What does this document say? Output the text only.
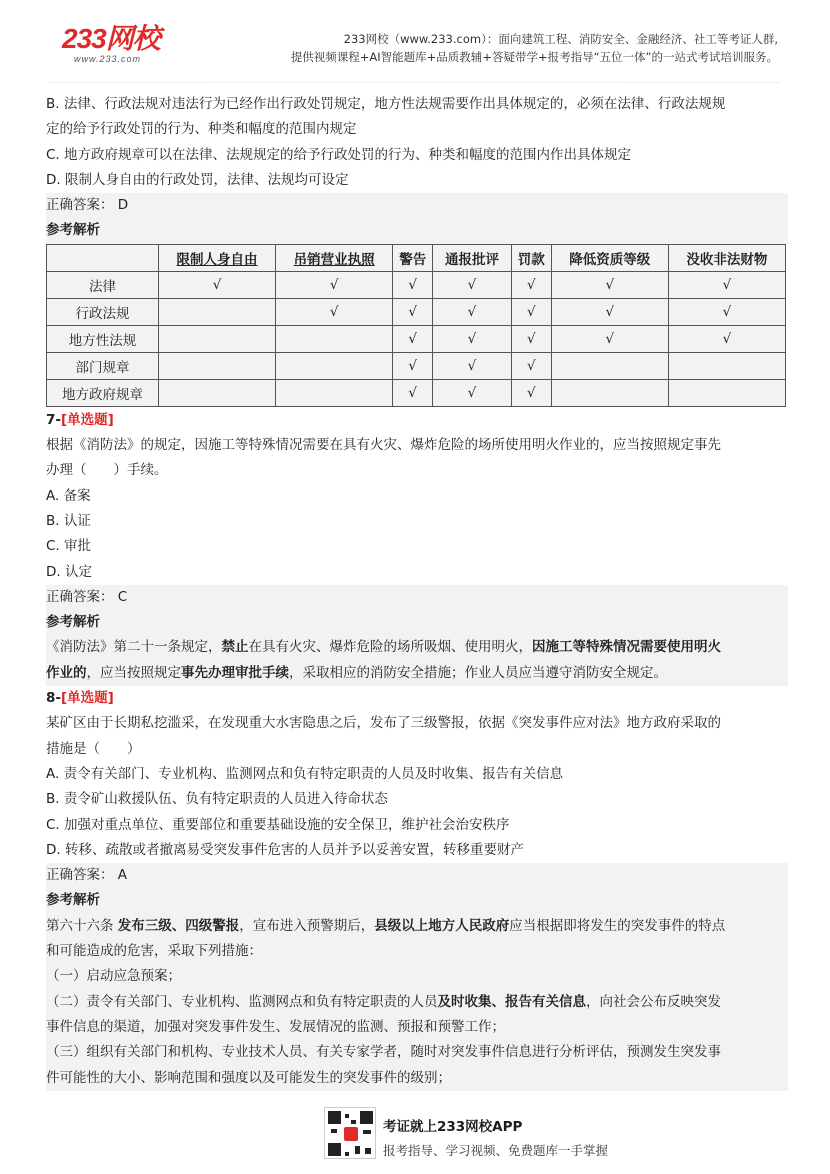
233网校
www.233.com
233网校（www.233.com）：面向建筑工程、消防安全、金融经济、社工等考证人群,
提供视频课程+AI智能题库+品质教辅+答疑带学+报考指导“五位一体”的一站式考试培训服务。
B. 法律、行政法规对违法行为已经作出行政处罚规定，地方性法规需要作出具体规定的，必须在法律、行政法规规
定的给予行政处罚的行为、种类和幅度的范围内规定
C. 地方政府规章可以在法律、法规规定的给予行政处罚的行为、种类和幅度的范围内作出具体规定
D. 限制人身自由的行政处罚，法律、法规均可设定
正确答案： D
参考解析
	限制人身自由	吊销营业执照	警告	通报批评	罚款	降低资质等级	没收非法财物
法律	√	√	√	√	√	√	√
行政法规		√	√	√	√	√	√
地方性法规			√	√	√	√	√
部门规章			√	√	√		
地方政府规章			√	√	√		
7-[单选题]
根据《消防法》的规定，因施工等特殊情况需要在具有火灾、爆炸危险的场所使用明火作业的，应当按照规定事先
办理（　　）手续。
A. 备案
B. 认证
C. 审批
D. 认定
正确答案： C
参考解析
《消防法》第二十一条规定，禁止在具有火灾、爆炸危险的场所吸烟、使用明火，因施工等特殊情况需要使用明火
作业的，应当按照规定事先办理审批手续，采取相应的消防安全措施；作业人员应当遵守消防安全规定。
8-[单选题]
某矿区由于长期私挖滥采，在发现重大水害隐患之后，发布了三级警报，依据《突发事件应对法》地方政府采取的
措施是（　　）
A. 责令有关部门、专业机构、监测网点和负有特定职责的人员及时收集、报告有关信息
B. 责令矿山救援队伍、负有特定职责的人员进入待命状态
C. 加强对重点单位、重要部位和重要基础设施的安全保卫，维护社会治安秩序
D. 转移、疏散或者撤离易受突发事件危害的人员并予以妥善安置，转移重要财产
正确答案： A
参考解析
第六十六条 发布三级、四级警报，宣布进入预警期后，县级以上地方人民政府应当根据即将发生的突发事件的特点
和可能造成的危害，采取下列措施：
（一）启动应急预案；
（二）责令有关部门、专业机构、监测网点和负有特定职责的人员及时收集、报告有关信息，向社会公布反映突发
事件信息的渠道，加强对突发事件发生、发展情况的监测、预报和预警工作；
（三）组织有关部门和机构、专业技术人员、有关专家学者，随时对突发事件信息进行分析评估，预测发生突发事
件可能性的大小、影响范围和强度以及可能发生的突发事件的级别；
考证就上233网校APP
报考指导、学习视频、免费题库一手掌握
